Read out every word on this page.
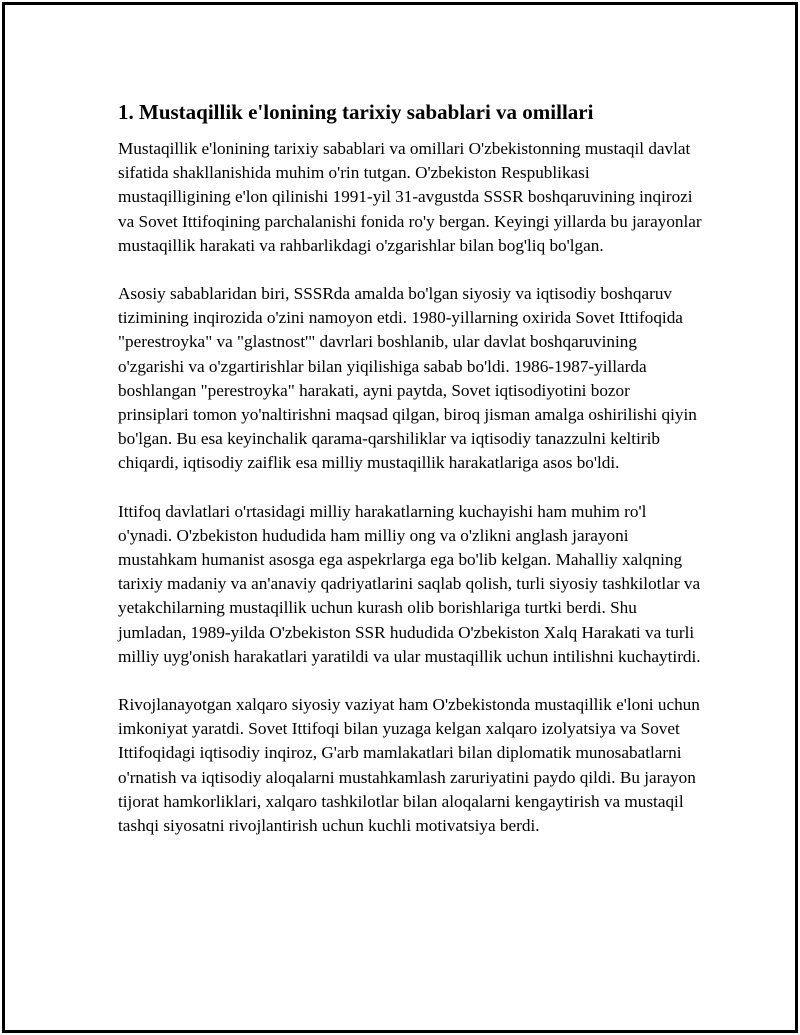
1. Mustaqillik e'lonining tarixiy sabablari va omillari

Mustaqillik e'lonining tarixiy sabablari va omillari O'zbekistonning mustaqil davlat sifatida shakllanishida muhim o'rin tutgan. O'zbekiston Respublikasi mustaqilligining e'lon qilinishi 1991-yil 31-avgustda SSSR boshqaruvining inqirozi va Sovet Ittifoqining parchalanishi fonida ro'y bergan. Keyingi yillarda bu jarayonlar mustaqillik harakati va rahbarlikdagi o'zgarishlar bilan bog'liq bo'lgan.

Asosiy sabablaridan biri, SSSRda amalda bo'lgan siyosiy va iqtisodiy boshqaruv tizimining inqirozida o'zini namoyon etdi. 1980-yillarning oxirida Sovet Ittifoqida "perestroyka" va "glastnost'" davrlari boshlanib, ular davlat boshqaruvining o'zgarishi va o'zgartirishlar bilan yiqilishiga sabab bo'ldi. 1986-1987-yillarda boshlangan "perestroyka" harakati, ayni paytda, Sovet iqtisodiyotini bozor prinsiplari tomon yo'naltirishni maqsad qilgan, biroq jisman amalga oshirilishi qiyin bo'lgan. Bu esa keyinchalik qarama-qarshiliklar va iqtisodiy tanazzulni keltirib chiqardi, iqtisodiy zaiflik esa milliy mustaqillik harakatlariga asos bo'ldi.

Ittifoq davlatlari o'rtasidagi milliy harakatlarning kuchayishi ham muhim ro'l o'ynadi. O'zbekiston hududida ham milliy ong va o'zlikni anglash jarayoni mustahkam humanist asosga ega aspekrlarga ega bo'lib kelgan. Mahalliy xalqning tarixiy madaniy va an'anaviy qadriyatlarini saqlab qolish, turli siyosiy tashkilotlar va yetakchilarning mustaqillik uchun kurash olib borishlariga turtki berdi. Shu jumladan, 1989-yilda O'zbekiston SSR hududida O'zbekiston Xalq Harakati va turli milliy uyg'onish harakatlari yaratildi va ular mustaqillik uchun intilishni kuchaytirdi.

Rivojlanayotgan xalqaro siyosiy vaziyat ham O'zbekistonda mustaqillik e'loni uchun imkoniyat yaratdi. Sovet Ittifoqi bilan yuzaga kelgan xalqaro izolyatsiya va Sovet Ittifoqidagi iqtisodiy inqiroz, G'arb mamlakatlari bilan diplomatik munosabatlarni o'rnatish va iqtisodiy aloqalarni mustahkamlash zaruriyatini paydo qildi. Bu jarayon tijorat hamkorliklari, xalqaro tashkilotlar bilan aloqalarni kengaytirish va mustaqil tashqi siyosatni rivojlantirish uchun kuchli motivatsiya berdi.
